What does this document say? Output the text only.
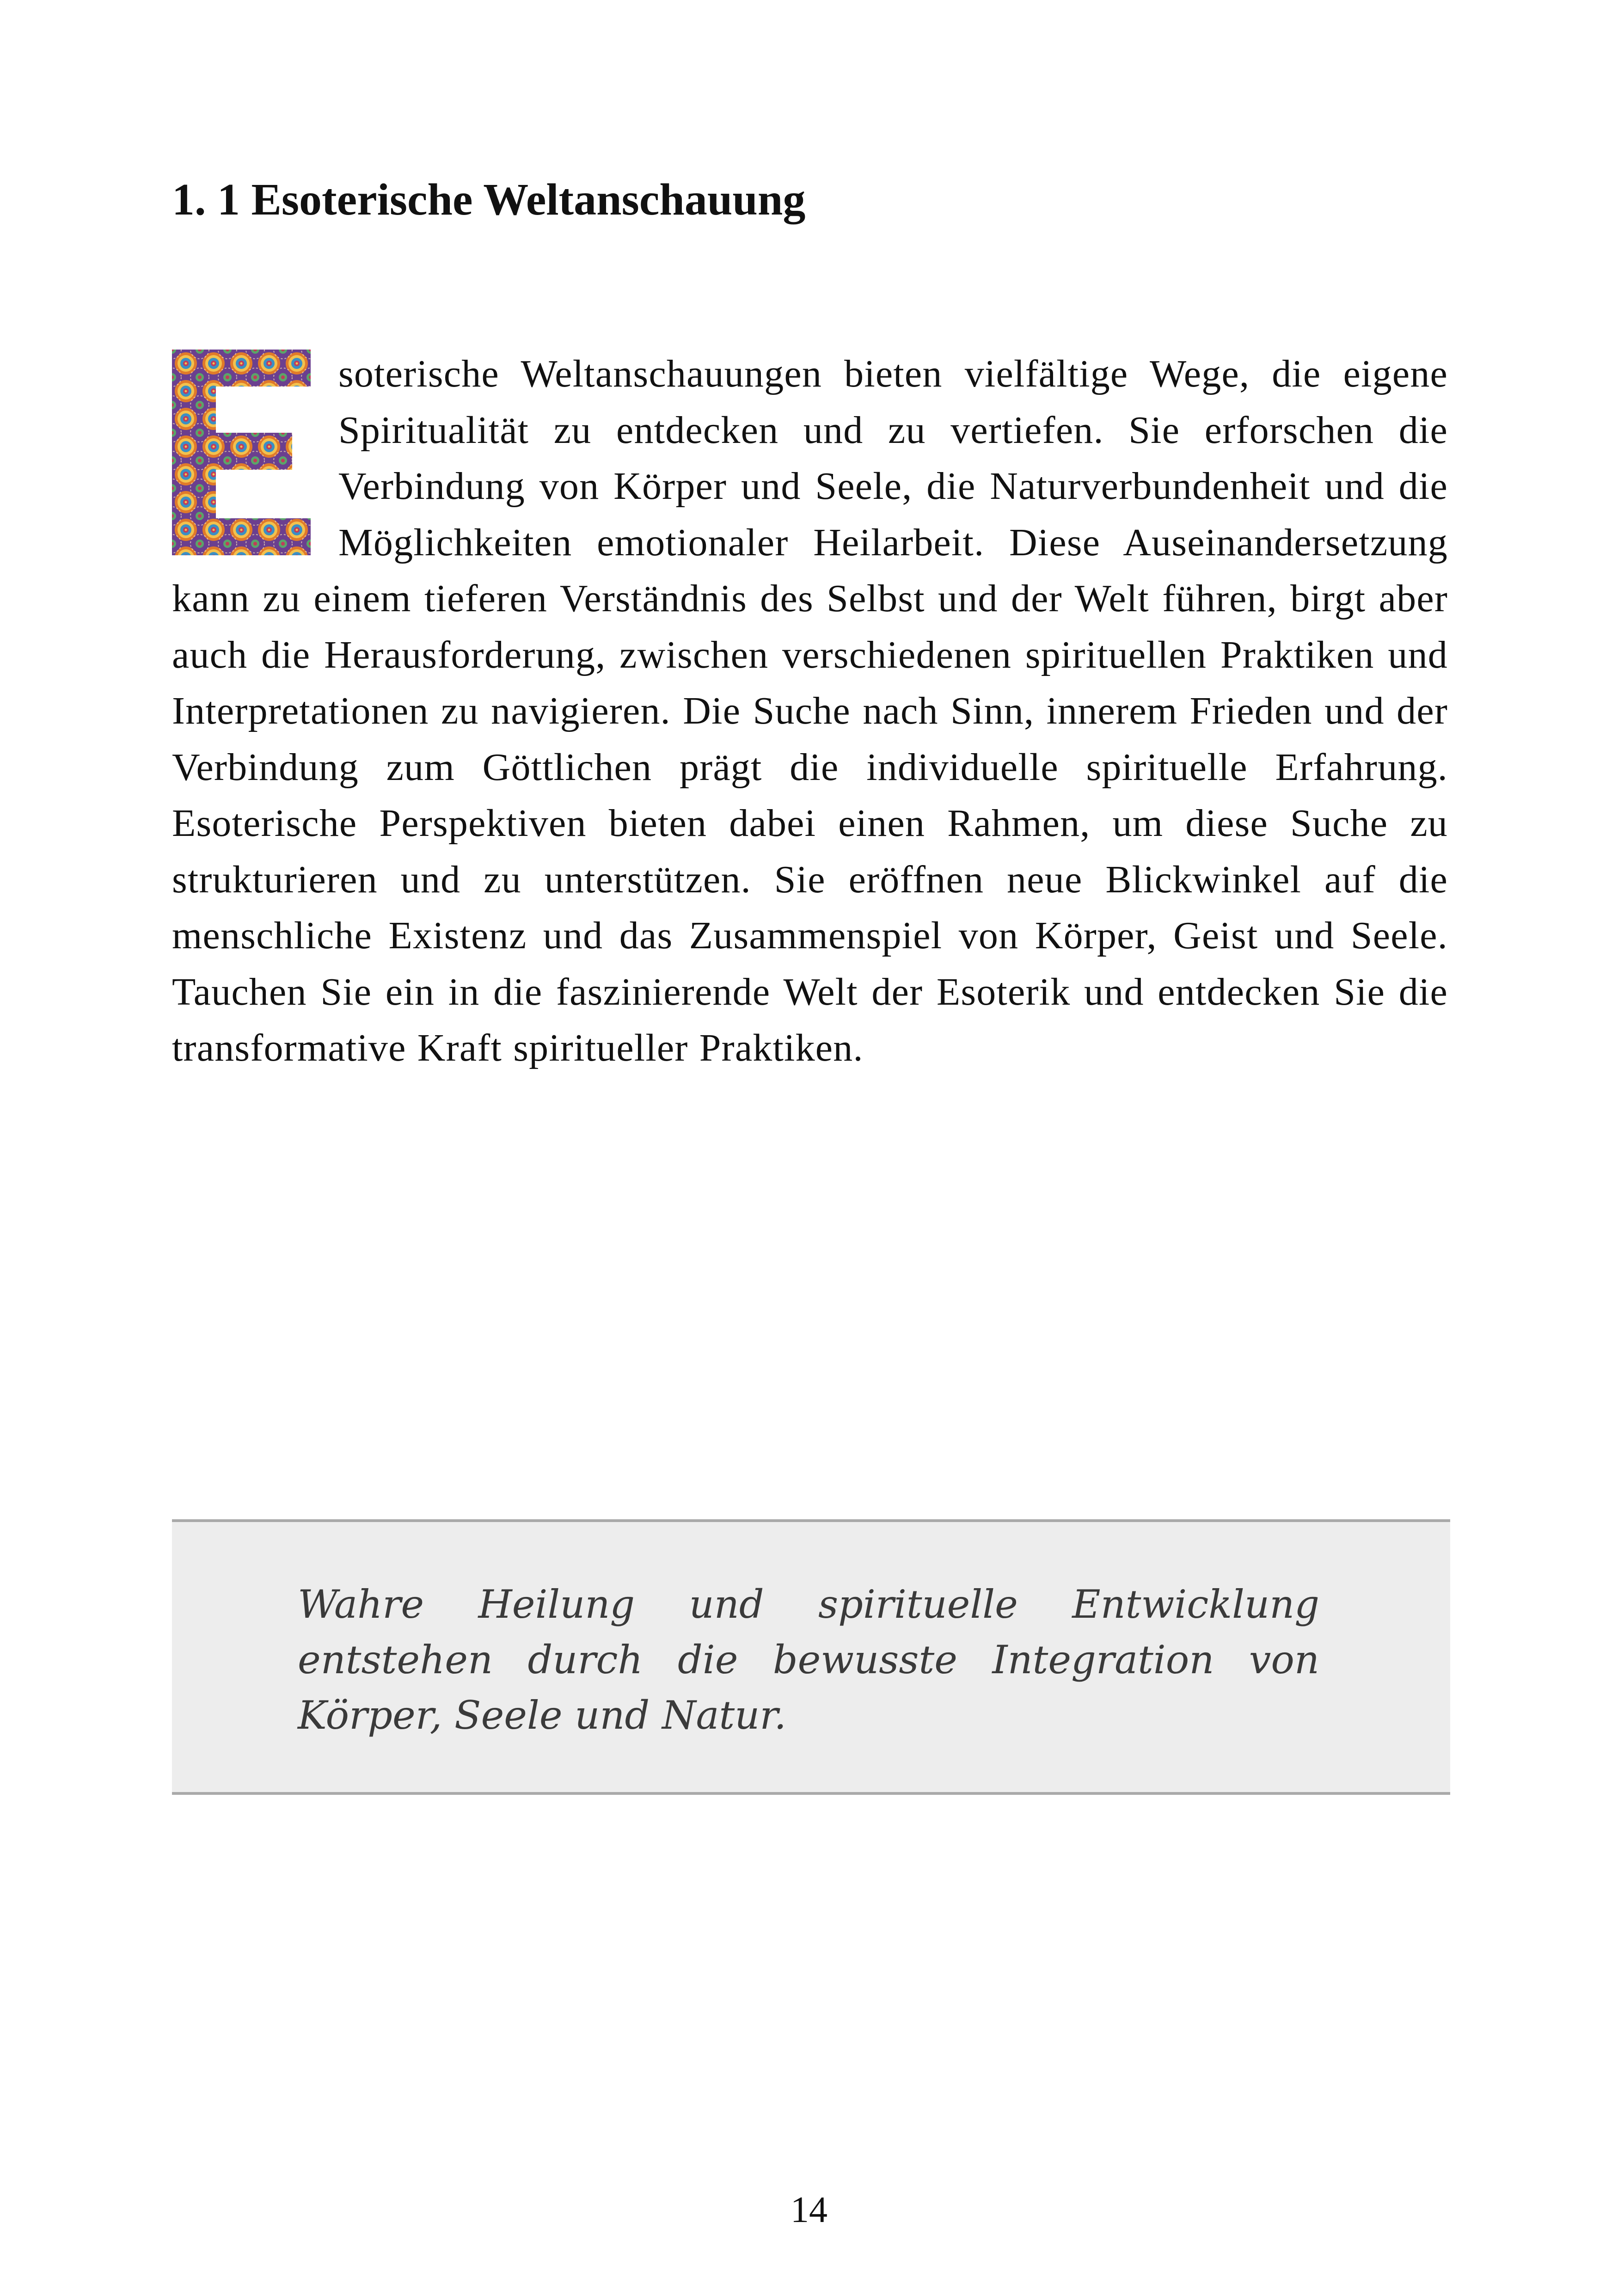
1. 1 Esoterische Weltanschauung

soterische Weltanschauungen bieten vielfältige Wege, die eigene Spiritualität zu entdecken und zu vertiefen. Sie erforschen die Verbindung von Körper und Seele, die Naturverbundenheit und die Möglichkeiten emotionaler Heilarbeit. Diese Auseinandersetzung kann zu einem tieferen Verständnis des Selbst und der Welt führen, birgt aber auch die Herausforderung, zwischen verschiedenen spirituellen Praktiken und Interpretationen zu navigieren. Die Suche nach Sinn, innerem Frieden und der Verbindung zum Göttlichen prägt die individuelle spirituelle Erfahrung. Esoterische Perspektiven bieten dabei einen Rahmen, um diese Suche zu strukturieren und zu unterstützen. Sie eröffnen neue Blickwinkel auf die menschliche Existenz und das Zusammenspiel von Körper, Geist und Seele. Tauchen Sie ein in die faszinierende Welt der Esoterik und entdecken Sie die transformative Kraft spiritueller Praktiken.

Wahre Heilung und spirituelle Entwicklung entstehen durch die bewusste Integration von Körper, Seele und Natur.

14
